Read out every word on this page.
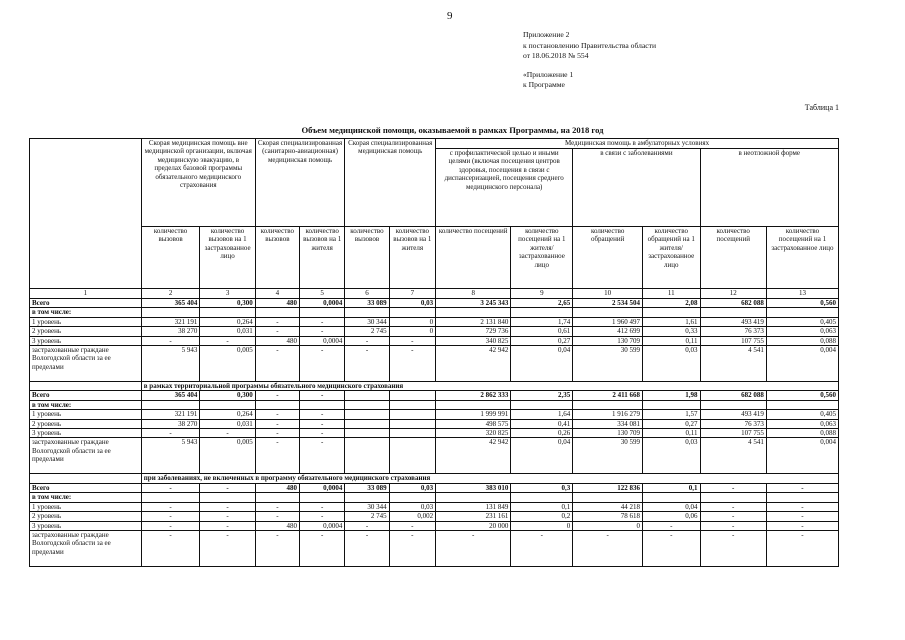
9
Приложение 2
к постановлению Правительства области
от 18.06.2018 № 554
«Приложение 1
к Программе
Таблица 1
Объем медицинской помощи, оказываемой в рамках Программы, на 2018 год
	Скорая медицинская помощь вне медицинской организации, включая медицинскую эвакуацию, в пределах базовой программы обязательного медицинского страхования		Скорая специализированная (санитарно-авиационная) медицинская помощь		Скорая специализированная медицинская помощь		Медицинская помощь в амбулаторных условиях					
							с профилактической целью и иными целями (включая посещения центров здоровья, посещения в связи с диспансеризацией, посещения среднего медицинского персонала)		в связи с заболеваниями		в неотложной форме	
	количество вызовов	количество вызовов на 1 застрахованное лицо	количество вызовов	количество вызовов на 1 жителя	количество вызовов	количество вызовов на 1 жителя	количество посещений	количество посещений на 1 жителя/ застрахованное лицо	количество обращений	количество обращений на 1 жителя/ застрахованное лицо	количество посещений	количество посещений на 1 застрахованное лицо
1	2	3	4	5	6	7	8	9	10	11	12	13
Всего	365 404	0,300	480	0,0004	33 089	0,03	3 245 343	2,65	2 534 504	2,08	682 088	0,560
в том числе:												
1 уровень	321 191	0,264	-	-	30 344	0	2 131 840	1,74	1 960 497	1,61	493 419	0,405
2 уровень	38 270	0,031	-	-	2 745	0	729 736	0,61	412 699	0,33	76 373	0,063
3 уровень	-	-	480	0,0004	-	-	340 825	0,27	130 709	0,11	107 755	0,088
застрахованные граждане Вологодской области за ее пределами	5 943	0,005	-	-	-	-	42 942	0,04	30 599	0,03	4 541	0,004
	в рамках территориальной программы обязательного медицинского страхования											
Всего	365 404	0,300	-	-			2 862 333	2,35	2 411 668	1,98	682 088	0,560
в том числе:												
1 уровень	321 191	0,264	-	-			1 999 991	1,64	1 916 279	1,57	493 419	0,405
2 уровень	38 270	0,031	-	-			498 575	0,41	334 081	0,27	76 373	0,063
3 уровень	-	-	-	-			320 825	0,26	130 709	0,11	107 755	0,088
застрахованные граждане Вологодской области за ее пределами	5 943	0,005	-	-			42 942	0,04	30 599	0,03	4 541	0,004
	при заболеваниях, не включенных в программу обязательного медицинского страхования											
Всего	-	-	480	0,0004	33 089	0,03	383 010	0,3	122 836	0,1	-	-
в том числе:												
1 уровень	-	-	-	-	30 344	0,03	131 849	0,1	44 218	0,04	-	-
2 уровень	-	-	-	-	2 745	0,002	231 161	0,2	78 618	0,06	-	-
3 уровень	-	-	480	0,0004	-	-	20 000	0	0	-	-	-
застрахованные граждане Вологодской области за ее пределами	-	-	-	-	-	-	-	-	-	-	-	-
